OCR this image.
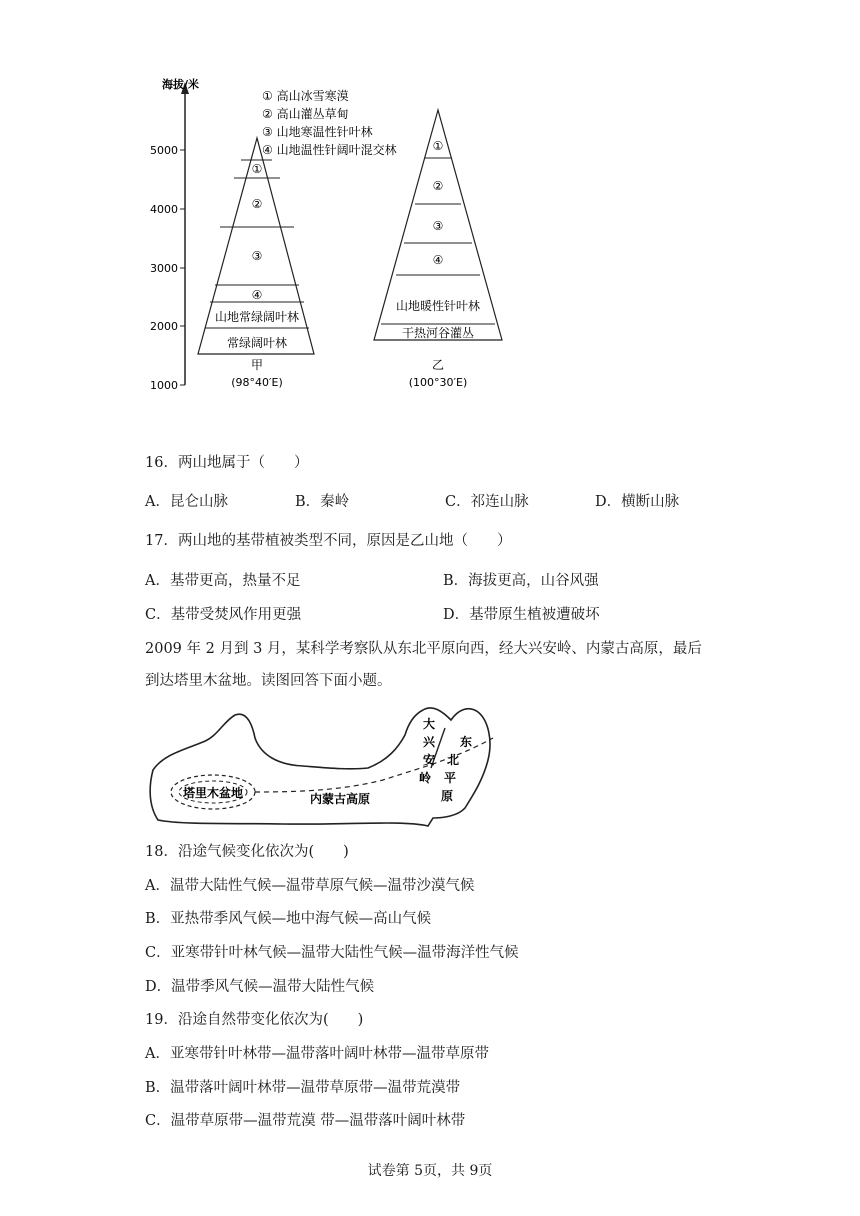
海拔/米
5000
4000
3000
2000
1000
① 高山冰雪寒漠
② 高山灌丛草甸
③ 山地寒温性针叶林
④ 山地温性针阔叶混交林
①
②
③
④
山地常绿阔叶林
常绿阔叶林
甲
(98°40′E)
①
②
③
④
山地暖性针叶林
干热河谷灌丛
乙
(100°30′E)
16．两山地属于（　　）
A．昆仑山脉	B．秦岭	C．祁连山脉	D．横断山脉
17．两山地的基带植被类型不同，原因是乙山地（　　）
A．基带更高，热量不足	B．海拔更高，山谷风强
C．基带受焚风作用更强	D．基带原生植被遭破坏
2009 年 2 月到 3 月，某科学考察队从东北平原向西，经大兴安岭、内蒙古高原，最后
到达塔里木盆地。读图回答下面小题。
塔里木盆地	内蒙古高原
大
兴
安
岭
东
北
平
原
18．沿途气候变化依次为(　　)
A．温带大陆性气候—温带草原气候—温带沙漠气候
B．亚热带季风气候—地中海气候—高山气候
C．亚寒带针叶林气候—温带大陆性气候—温带海洋性气候
D．温带季风气候—温带大陆性气候
19．沿途自然带变化依次为(　　)
A．亚寒带针叶林带—温带落叶阔叶林带—温带草原带
B．温带落叶阔叶林带—温带草原带—温带荒漠带
C．温带草原带—温带荒漠 带—温带落叶阔叶林带
试卷第 5页，共 9页
